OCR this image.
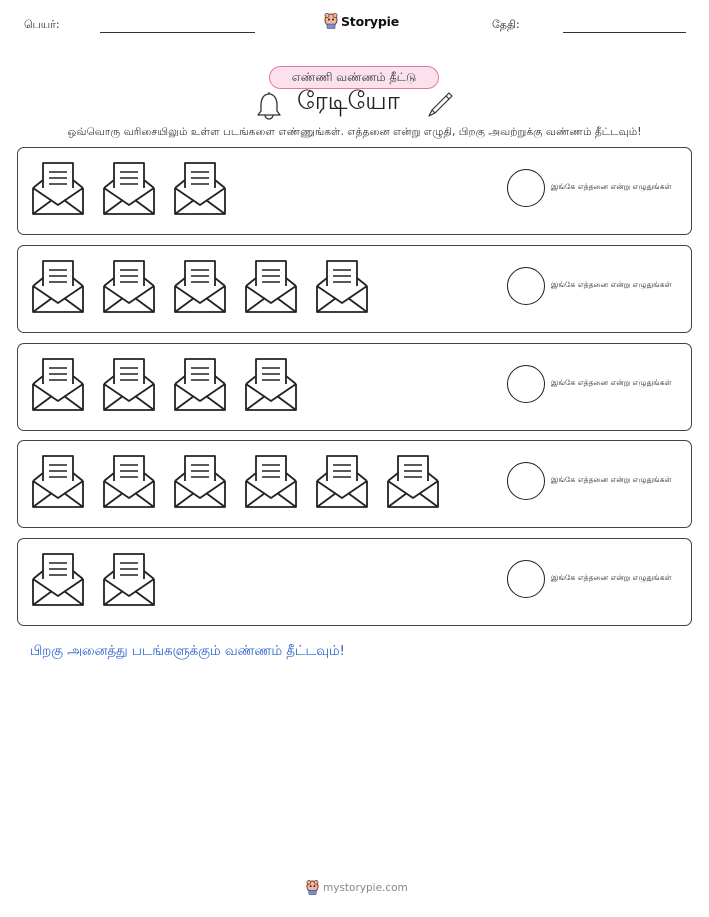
பெயர்:	Storypie	தேதி:
எண்ணி வண்ணம் தீட்டு
ரேடியோ
ஒவ்வொரு வரிசையிலும் உள்ள படங்களை எண்ணுங்கள். எத்தனை என்று எழுதி, பிறகு அவற்றுக்கு வண்ணம் தீட்டவும்!
இங்கே எத்தனை என்று எழுதுங்கள்
இங்கே எத்தனை என்று எழுதுங்கள்
இங்கே எத்தனை என்று எழுதுங்கள்
இங்கே எத்தனை என்று எழுதுங்கள்
இங்கே எத்தனை என்று எழுதுங்கள்
பிறகு அனைத்து படங்களுக்கும் வண்ணம் தீட்டவும்!
mystorypie.com
